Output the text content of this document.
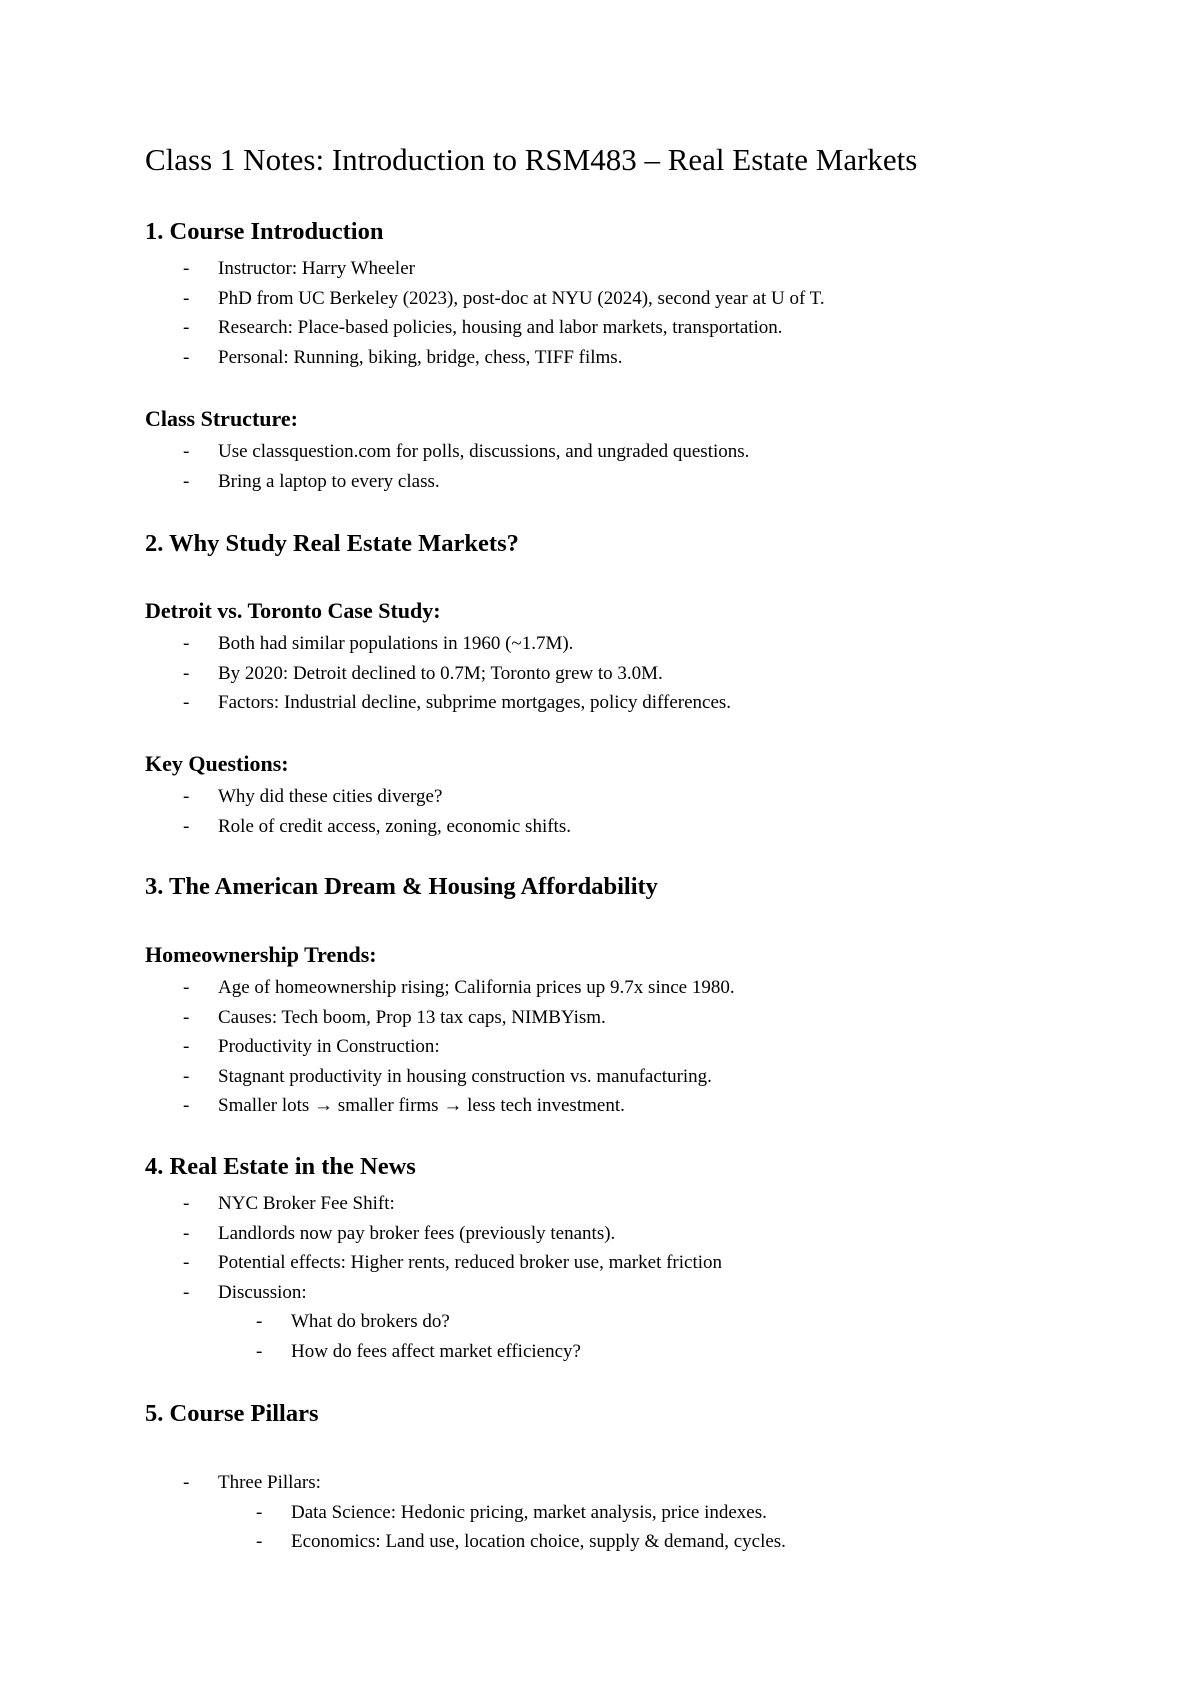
Class 1 Notes: Introduction to RSM483 – Real Estate Markets
1. Course Introduction
- Instructor: Harry Wheeler
- PhD from UC Berkeley (2023), post-doc at NYU (2024), second year at U of T.
- Research: Place-based policies, housing and labor markets, transportation.
- Personal: Running, biking, bridge, chess, TIFF films.
Class Structure:
- Use classquestion.com for polls, discussions, and ungraded questions.
- Bring a laptop to every class.
2. Why Study Real Estate Markets?
Detroit vs. Toronto Case Study:
- Both had similar populations in 1960 (~1.7M).
- By 2020: Detroit declined to 0.7M; Toronto grew to 3.0M.
- Factors: Industrial decline, subprime mortgages, policy differences.
Key Questions:
- Why did these cities diverge?
- Role of credit access, zoning, economic shifts.
3. The American Dream & Housing Affordability
Homeownership Trends:
- Age of homeownership rising; California prices up 9.7x since 1980.
- Causes: Tech boom, Prop 13 tax caps, NIMBYism.
- Productivity in Construction:
- Stagnant productivity in housing construction vs. manufacturing.
- Smaller lots → smaller firms → less tech investment.
4. Real Estate in the News
- NYC Broker Fee Shift:
- Landlords now pay broker fees (previously tenants).
- Potential effects: Higher rents, reduced broker use, market friction
- Discussion:
- What do brokers do?
- How do fees affect market efficiency?
5. Course Pillars
- Three Pillars:
- Data Science: Hedonic pricing, market analysis, price indexes.
- Economics: Land use, location choice, supply & demand, cycles.
